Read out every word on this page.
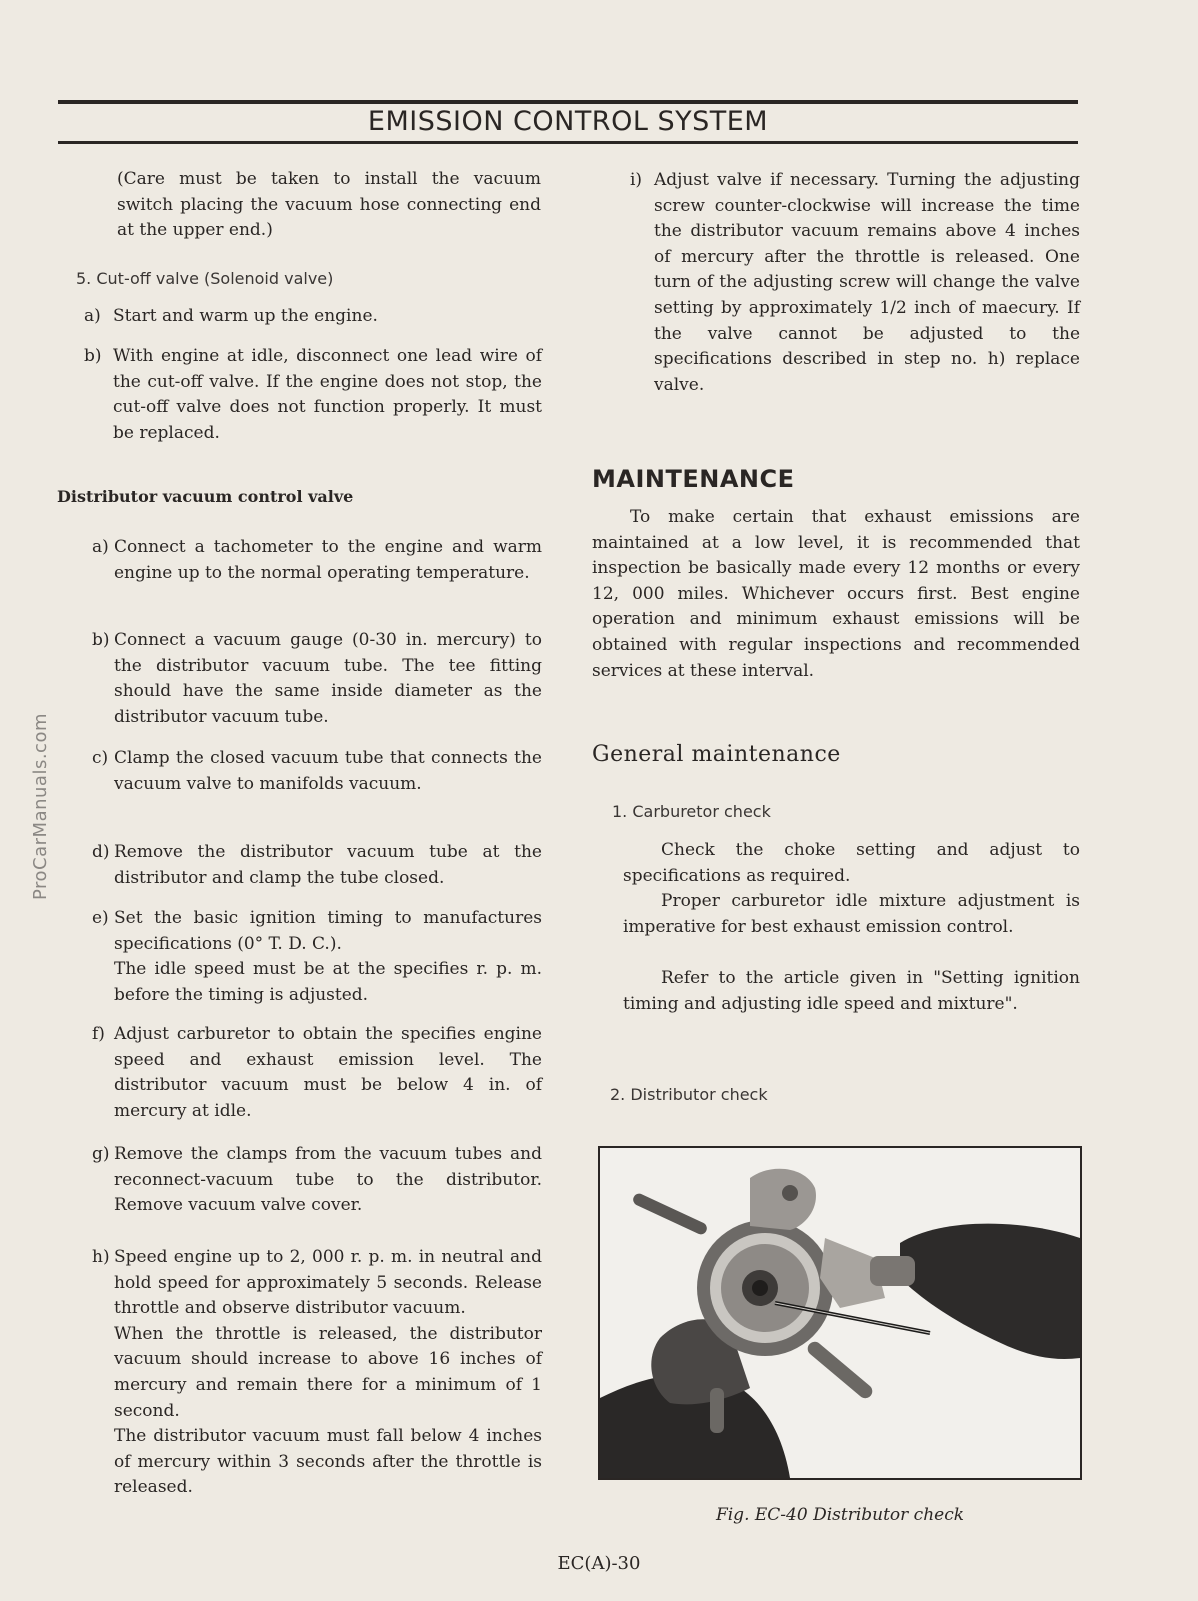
EMISSION CONTROL SYSTEM
ProCarManuals.com
(Care must be taken to install the vacuum switch placing the vacuum hose connecting end at the upper end.)
5. Cut-off valve (Solenoid valve)
a) Start and warm up the engine.
b) With engine at idle, disconnect one lead wire of the cut-off valve. If the engine does not stop, the cut-off valve does not function properly. It must be replaced.
Distributor vacuum control valve
a) Connect a tachometer to the engine and warm engine up to the normal operating temperature.
b) Connect a vacuum gauge (0-30 in. mercury) to the distributor vacuum tube. The tee fitting should have the same inside diameter as the distributor vacuum tube.
c) Clamp the closed vacuum tube that connects the vacuum valve to manifolds vacuum.
d) Remove the distributor vacuum tube at the distributor and clamp the tube closed.
e) Set the basic ignition timing to manufactures specifications (0° T. D. C.).
The idle speed must be at the specifies r. p. m. before the timing is adjusted.
f) Adjust carburetor to obtain the specifies engine speed and exhaust emission level. The distributor vacuum must be below 4 in. of mercury at idle.
g) Remove the clamps from the vacuum tubes and reconnect-vacuum tube to the distributor. Remove vacuum valve cover.
h) Speed engine up to 2, 000 r. p. m. in neutral and hold speed for approximately 5 seconds. Release throttle and observe distributor vacuum.
When the throttle is released, the distributor vacuum should increase to above 16 inches of mercury and remain there for a minimum of 1 second.
The distributor vacuum must fall below 4 inches of mercury within 3 seconds after the throttle is released.
i) Adjust valve if necessary. Turning the adjusting screw counter-clockwise will increase the time the distributor vacuum remains above 4 inches of mercury after the throttle is released. One turn of the adjusting screw will change the valve setting by approximately 1/2 inch of maecury. If the valve cannot be adjusted to the specifications described in step no. h) replace valve.
MAINTENANCE
To make certain that exhaust emissions are maintained at a low level, it is recommended that inspection be basically made every 12 months or every 12, 000 miles. Whichever occurs first. Best engine operation and minimum exhaust emissions will be obtained with regular inspections and recommended services at these interval.
General maintenance
1. Carburetor check
Check the choke setting and adjust to specifications as required.
Proper carburetor idle mixture adjustment is imperative for best exhaust emission control.
Refer to the article given in "Setting ignition timing and adjusting idle speed and mixture".
2. Distributor check
Fig. EC-40 Distributor check
EC(A)-30
